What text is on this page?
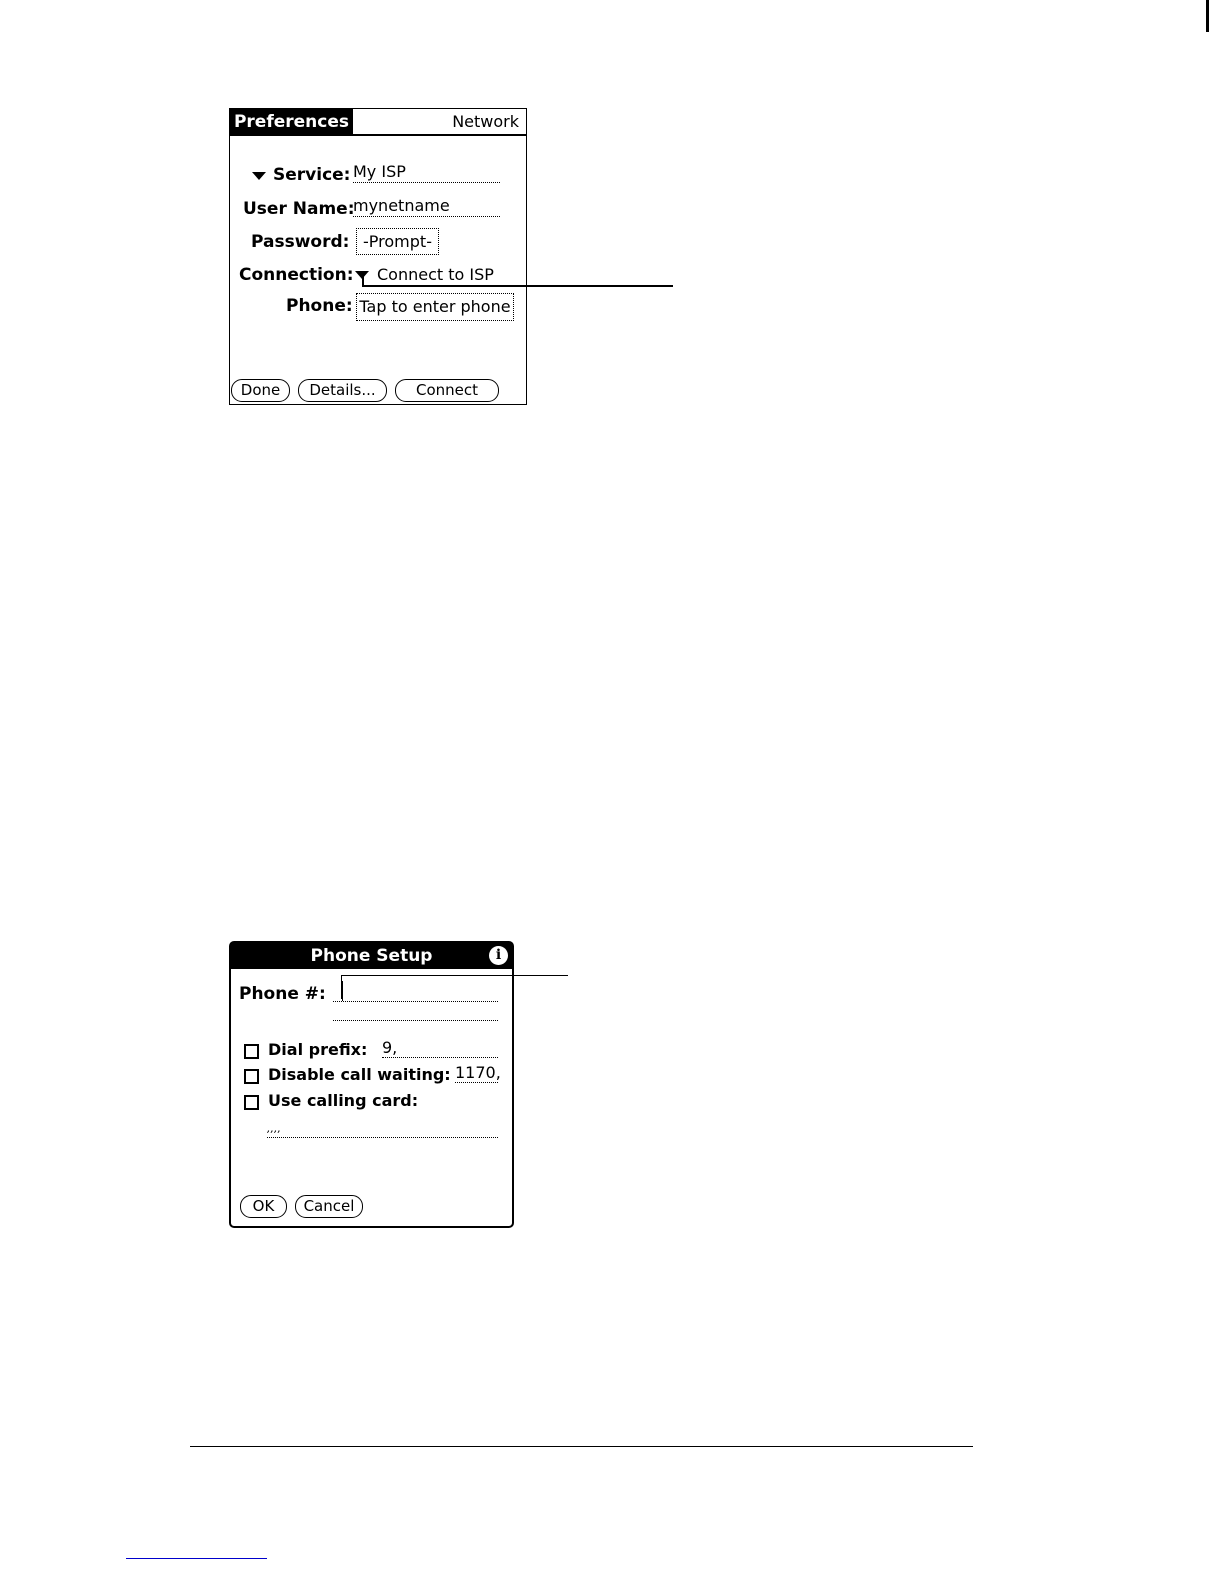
Preferences	Network
Service: My ISP
User Name:
mynetname
Password: -Prompt-
Connection: Connect to ISP
Phone: Tap to enter phone
Done	Details...	Connect
Phone Setup	i
Phone #:
Dial prefix: 9,
Disable call waiting: 1170,
Use calling card:
,,,,
OK	Cancel
